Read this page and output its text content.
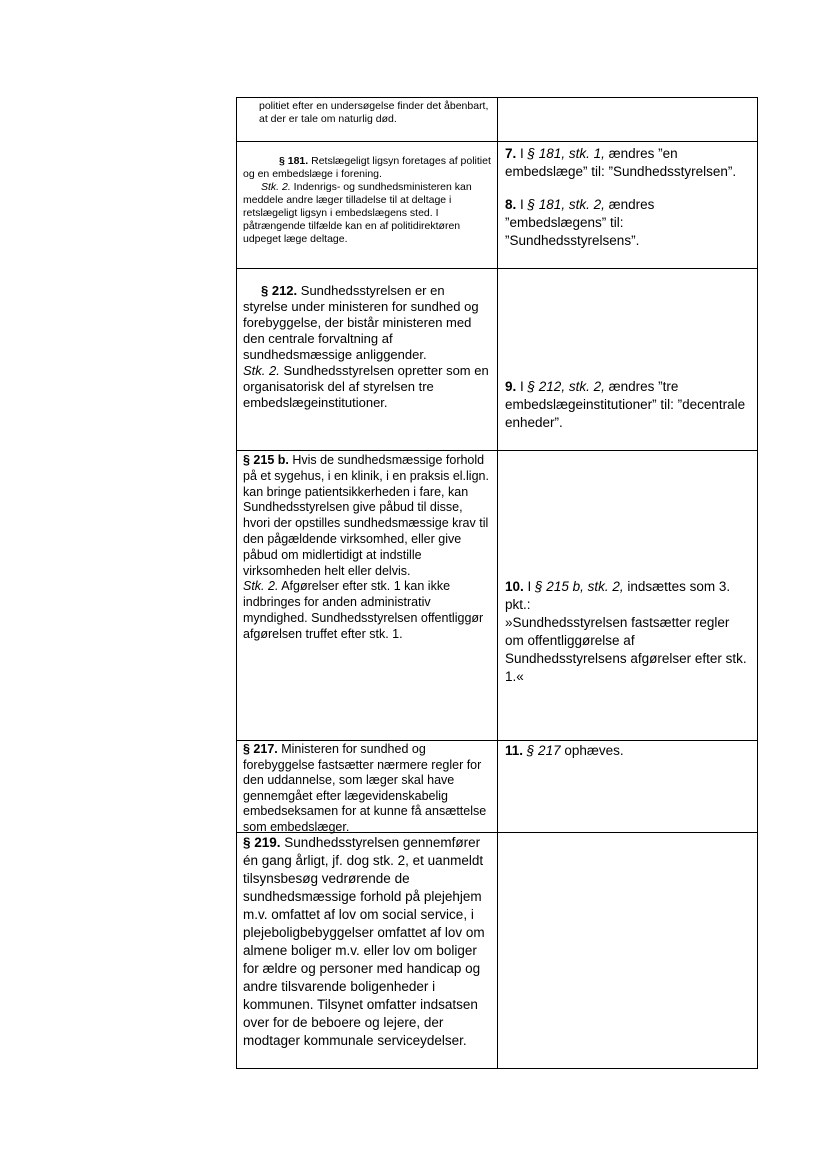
politiet efter en undersøgelse finder det åbenbart, at der er tale om naturlig død.

§ 181. Retslægeligt ligsyn foretages af politiet og en embedslæge i forening.

Stk. 2. Indenrigs- og sundhedsministeren kan meddele andre læger tilladelse til at deltage i retslægeligt ligsyn i embedslægens sted. I påtrængende tilfælde kan en af politidirektøren udpeget læge deltage.

7. I § 181, stk. 1, ændres ”en embedslæge” til: ”Sundhedsstyrelsen”.

8. I § 181, stk. 2, ændres ”embedslægens” til: ”Sundhedsstyrelsens”.

§ 212. Sundhedsstyrelsen er en styrelse under ministeren for sundhed og forebyggelse, der bistår ministeren med den centrale forvaltning af sundhedsmæssige anliggender.

Stk. 2. Sundhedsstyrelsen opretter som en organisatorisk del af styrelsen tre embedslægeinstitutioner.

9. I § 212, stk. 2, ændres ”tre embedslægeinstitutioner” til: ”decentrale enheder”.

§ 215 b. Hvis de sundhedsmæssige forhold på et sygehus, i en klinik, i en praksis el.lign. kan bringe patientsikkerheden i fare, kan Sundhedsstyrelsen give påbud til disse, hvori der opstilles sundhedsmæssige krav til den pågældende virksomhed, eller give påbud om midlertidigt at indstille virksomheden helt eller delvis.

Stk. 2. Afgørelser efter stk. 1 kan ikke indbringes for anden administrativ myndighed. Sundhedsstyrelsen offentliggør afgørelsen truffet efter stk. 1.

10. I § 215 b, stk. 2, indsættes som 3. pkt.:

»Sundhedsstyrelsen fastsætter regler om offentliggørelse af Sundhedsstyrelsens afgørelser efter stk. 1.«

§ 217. Ministeren for sundhed og forebyggelse fastsætter nærmere regler for den uddannelse, som læger skal have gennemgået efter lægevidenskabelig embedseksamen for at kunne få ansættelse som embedslæger.

11. § 217 ophæves.

§ 219. Sundhedsstyrelsen gennemfører én gang årligt, jf. dog stk. 2, et uanmeldt tilsynsbesøg vedrørende de sundhedsmæssige forhold på plejehjem m.v. omfattet af lov om social service, i plejeboligbebyggelser omfattet af lov om almene boliger m.v. eller lov om boliger for ældre og personer med handicap og andre tilsvarende boligenheder i kommunen. Tilsynet omfatter indsatsen over for de beboere og lejere, der modtager kommunale serviceydelser.
